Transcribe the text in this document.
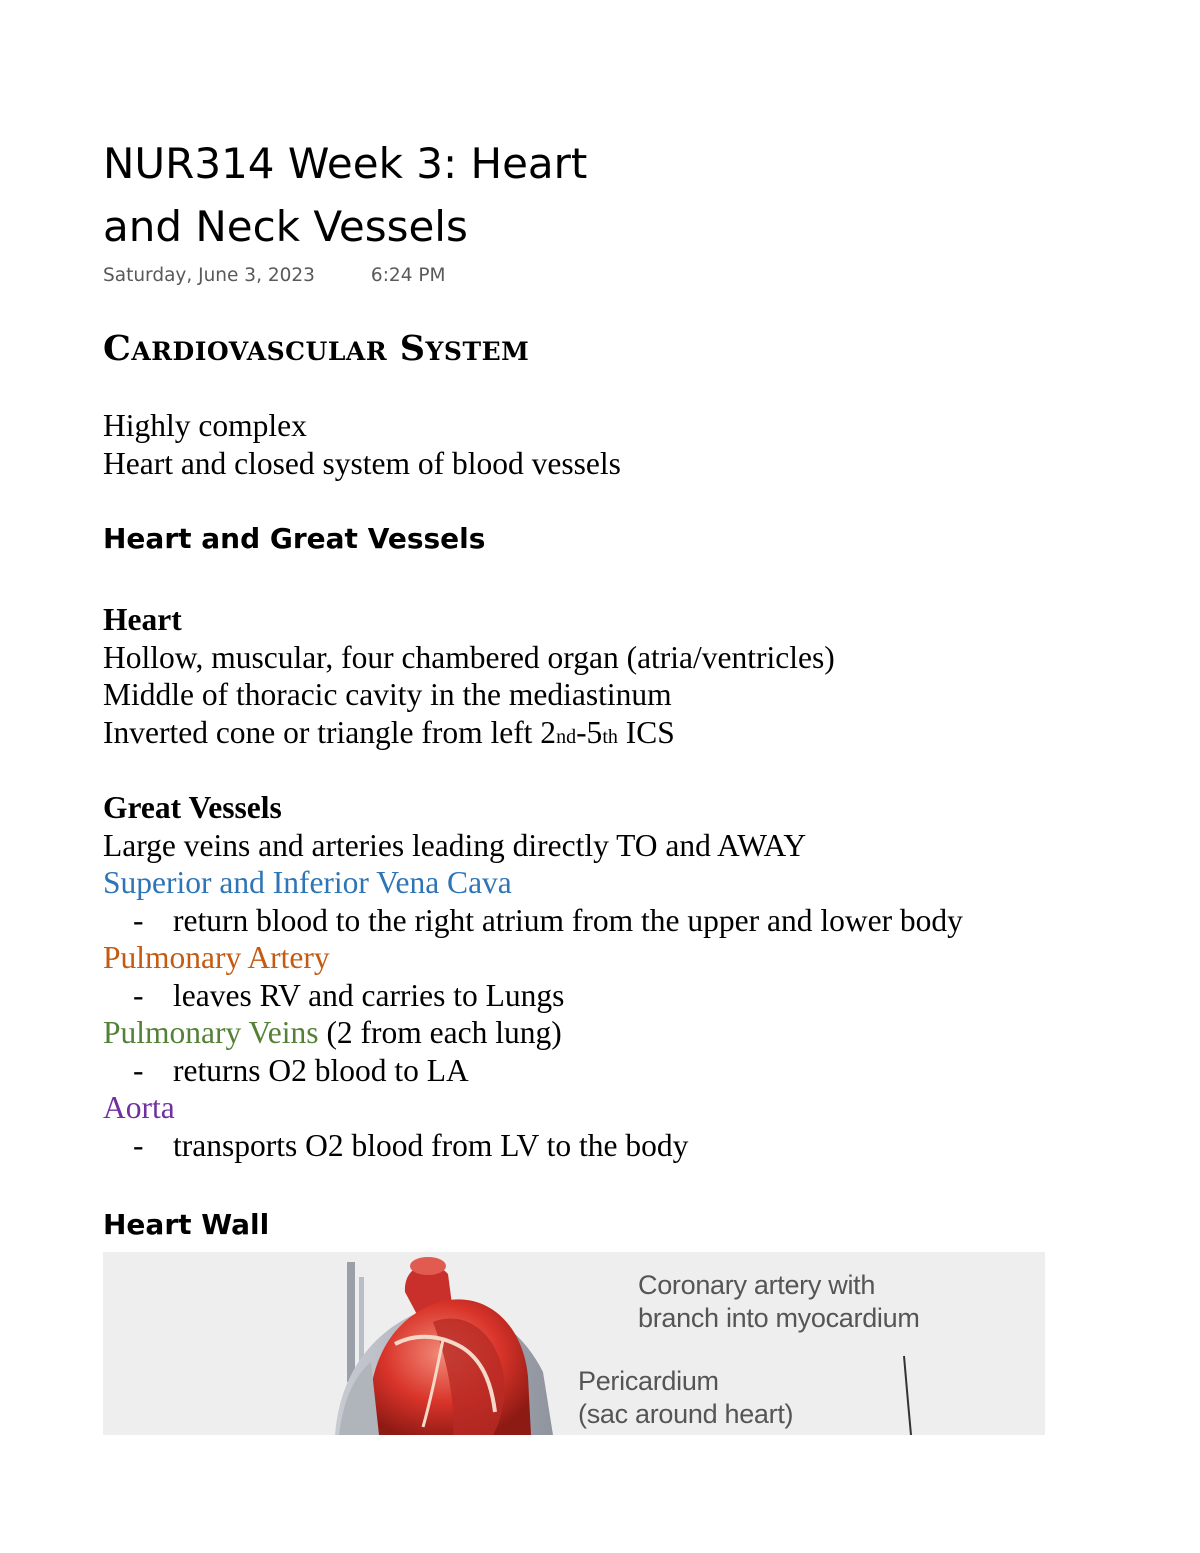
NUR314 Week 3: Heart
and Neck Vessels
Saturday, June 3, 2023	6:24 PM
Cardiovascular System
Highly complex
Heart and closed system of blood vessels
Heart and Great Vessels
Heart
Hollow, muscular, four chambered organ (atria/ventricles)
Middle of thoracic cavity in the mediastinum
Inverted cone or triangle from left 2nd-5th ICS
Great Vessels
Large veins and arteries leading directly TO and AWAY
Superior and Inferior Vena Cava
- return blood to the right atrium from the upper and lower body
Pulmonary Artery
- leaves RV and carries to Lungs
Pulmonary Veins (2 from each lung)
- returns O2 blood to LA
Aorta
- transports O2 blood from LV to the body
Heart Wall
Coronary artery with
branch into myocardium
Pericardium
(sac around heart)
